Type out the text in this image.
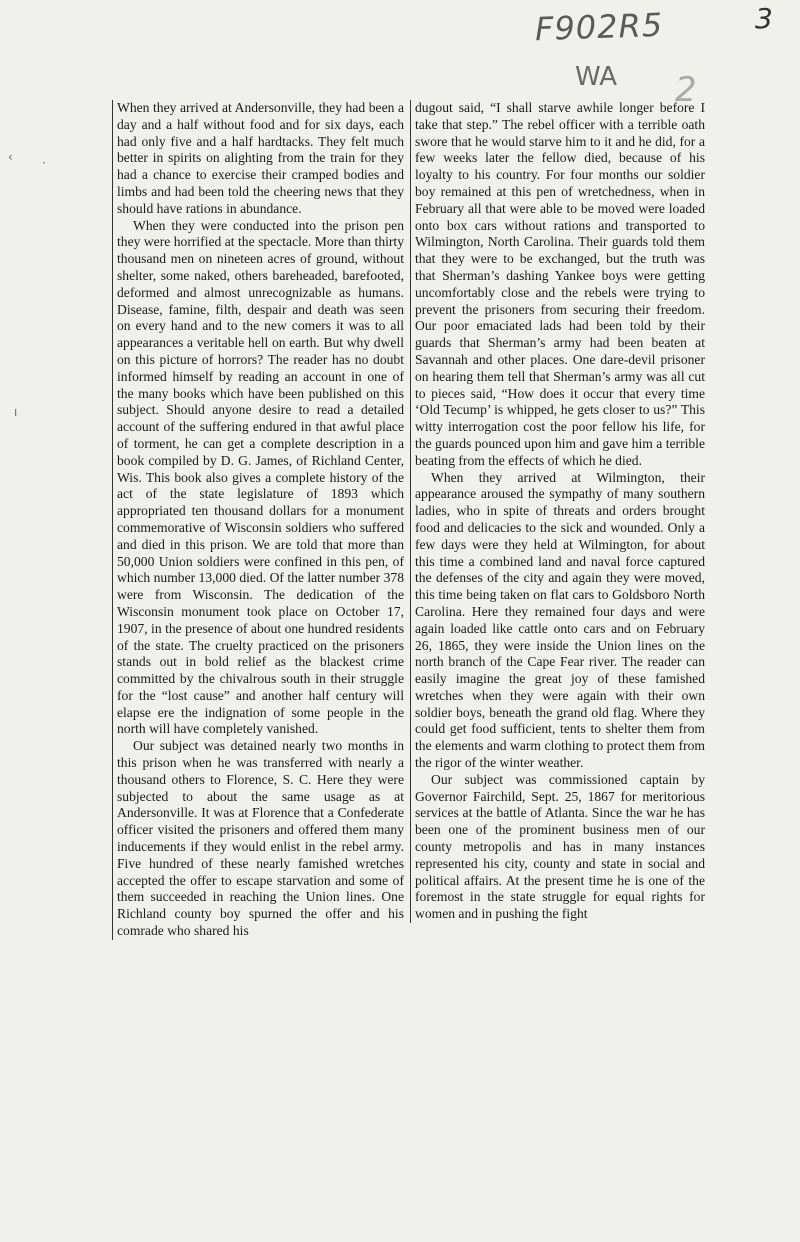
F902R5
WA 2
3
‹ ·
ı

When they arrived at Andersonville, they had been a day and a half without food and for six days, each had only five and a half hardtacks. They felt much better in spirits on alighting from the train for they had a chance to exercise their cramped bodies and limbs and had been told the cheering news that they should have rations in abundance.

When they were conducted into the prison pen they were horrified at the spectacle. More than thirty thousand men on nineteen acres of ground, without shelter, some naked, others bareheaded, barefooted, deformed and almost unrecognizable as humans. Disease, famine, filth, despair and death was seen on every hand and to the new comers it was to all appearances a veritable hell on earth. But why dwell on this picture of horrors? The reader has no doubt informed himself by reading an account in one of the many books which have been published on this subject. Should anyone desire to read a detailed account of the suffering endured in that awful place of torment, he can get a complete description in a book compiled by D. G. James, of Richland Center, Wis. This book also gives a complete history of the act of the state legislature of 1893 which appropriated ten thousand dollars for a monument commemorative of Wisconsin soldiers who suffered and died in this prison. We are told that more than 50,000 Union soldiers were confined in this pen, of which number 13,000 died. Of the latter number 378 were from Wisconsin. The dedication of the Wisconsin monument took place on October 17, 1907, in the presence of about one hundred residents of the state. The cruelty practiced on the prisoners stands out in bold relief as the blackest crime committed by the chivalrous south in their struggle for the “lost cause” and another half century will elapse ere the indignation of some people in the north will have completely vanished.

Our subject was detained nearly two months in this prison when he was transferred with nearly a thousand others to Florence, S. C. Here they were subjected to about the same usage as at Andersonville. It was at Florence that a Confederate officer visited the prisoners and offered them many inducements if they would enlist in the rebel army. Five hundred of these nearly famished wretches accepted the offer to escape starvation and some of them succeeded in reaching the Union lines. One Richland county boy spurned the offer and his comrade who shared his

dugout said, “I shall starve awhile longer before I take that step.” The rebel officer with a terrible oath swore that he would starve him to it and he did, for a few weeks later the fellow died, because of his loyalty to his country. For four months our soldier boy remained at this pen of wretchedness, when in February all that were able to be moved were loaded onto box cars without rations and transported to Wilmington, North Carolina. Their guards told them that they were to be exchanged, but the truth was that Sherman’s dashing Yankee boys were getting uncomfortably close and the rebels were trying to prevent the prisoners from securing their freedom. Our poor emaciated lads had been told by their guards that Sherman’s army had been beaten at Savannah and other places. One dare-devil prisoner on hearing them tell that Sherman’s army was all cut to pieces said, “How does it occur that every time ‘Old Tecump’ is whipped, he gets closer to us?” This witty interrogation cost the poor fellow his life, for the guards pounced upon him and gave him a terrible beating from the effects of which he died.

When they arrived at Wilmington, their appearance aroused the sympathy of many southern ladies, who in spite of threats and orders brought food and delicacies to the sick and wounded. Only a few days were they held at Wilmington, for about this time a combined land and naval force captured the defenses of the city and again they were moved, this time being taken on flat cars to Goldsboro North Carolina. Here they remained four days and were again loaded like cattle onto cars and on February 26, 1865, they were inside the Union lines on the north branch of the Cape Fear river. The reader can easily imagine the great joy of these famished wretches when they were again with their own soldier boys, beneath the grand old flag. Where they could get food sufficient, tents to shelter them from the elements and warm clothing to protect them from the rigor of the winter weather.

Our subject was commissioned captain by Governor Fairchild, Sept. 25, 1867 for meritorious services at the battle of Atlanta. Since the war he has been one of the prominent business men of our county metropolis and has in many instances represented his city, county and state in social and political affairs. At the present time he is one of the foremost in the state struggle for equal rights for women and in pushing the fight
